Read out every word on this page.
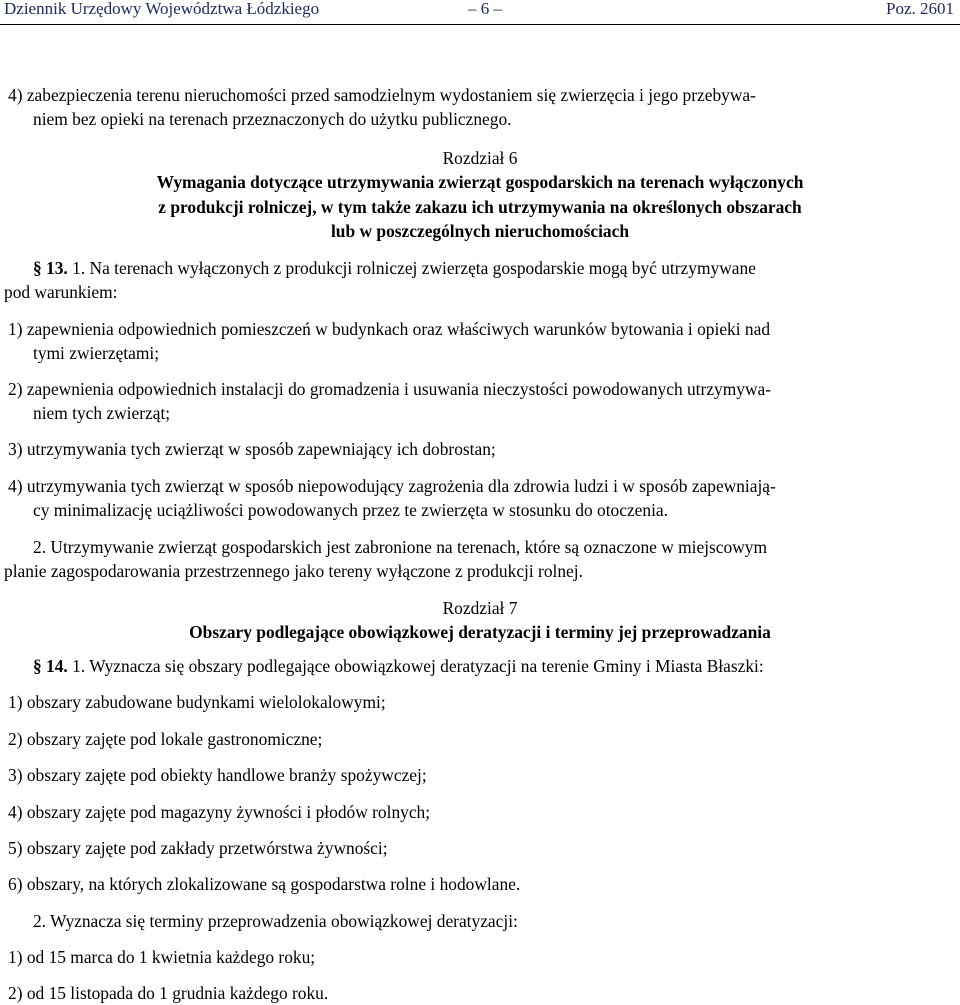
Dziennik Urzędowy Województwa Łódzkiego	– 6 –	Poz. 2601
4) zabezpieczenia terenu nieruchomości przed samodzielnym wydostaniem się zwierzęcia i jego przebywa-
niem bez opieki na terenach przeznaczonych do użytku publicznego.
Rozdział 6
Wymagania dotyczące utrzymywania zwierząt gospodarskich na terenach wyłączonych
z produkcji rolniczej, w tym także zakazu ich utrzymywania na określonych obszarach
lub w poszczególnych nieruchomościach
§ 13. 1. Na terenach wyłączonych z produkcji rolniczej zwierzęta gospodarskie mogą być utrzymywane
pod warunkiem:
1) zapewnienia odpowiednich pomieszczeń w budynkach oraz właściwych warunków bytowania i opieki nad
tymi zwierzętami;
2) zapewnienia odpowiednich instalacji do gromadzenia i usuwania nieczystości powodowanych utrzymywa-
niem tych zwierząt;
3) utrzymywania tych zwierząt w sposób zapewniający ich dobrostan;
4) utrzymywania tych zwierząt w sposób niepowodujący zagrożenia dla zdrowia ludzi i w sposób zapewniają-
cy minimalizację uciążliwości powodowanych przez te zwierzęta w stosunku do otoczenia.
2. Utrzymywanie zwierząt gospodarskich jest zabronione na terenach, które są oznaczone w miejscowym
planie zagospodarowania przestrzennego jako tereny wyłączone z produkcji rolnej.
Rozdział 7
Obszary podlegające obowiązkowej deratyzacji i terminy jej przeprowadzania
§ 14. 1. Wyznacza się obszary podlegające obowiązkowej deratyzacji na terenie Gminy i Miasta Błaszki:
1) obszary zabudowane budynkami wielolokalowymi;
2) obszary zajęte pod lokale gastronomiczne;
3) obszary zajęte pod obiekty handlowe branży spożywczej;
4) obszary zajęte pod magazyny żywności i płodów rolnych;
5) obszary zajęte pod zakłady przetwórstwa żywności;
6) obszary, na których zlokalizowane są gospodarstwa rolne i hodowlane.
2. Wyznacza się terminy przeprowadzenia obowiązkowej deratyzacji:
1) od 15 marca do 1 kwietnia każdego roku;
2) od 15 listopada do 1 grudnia każdego roku.
